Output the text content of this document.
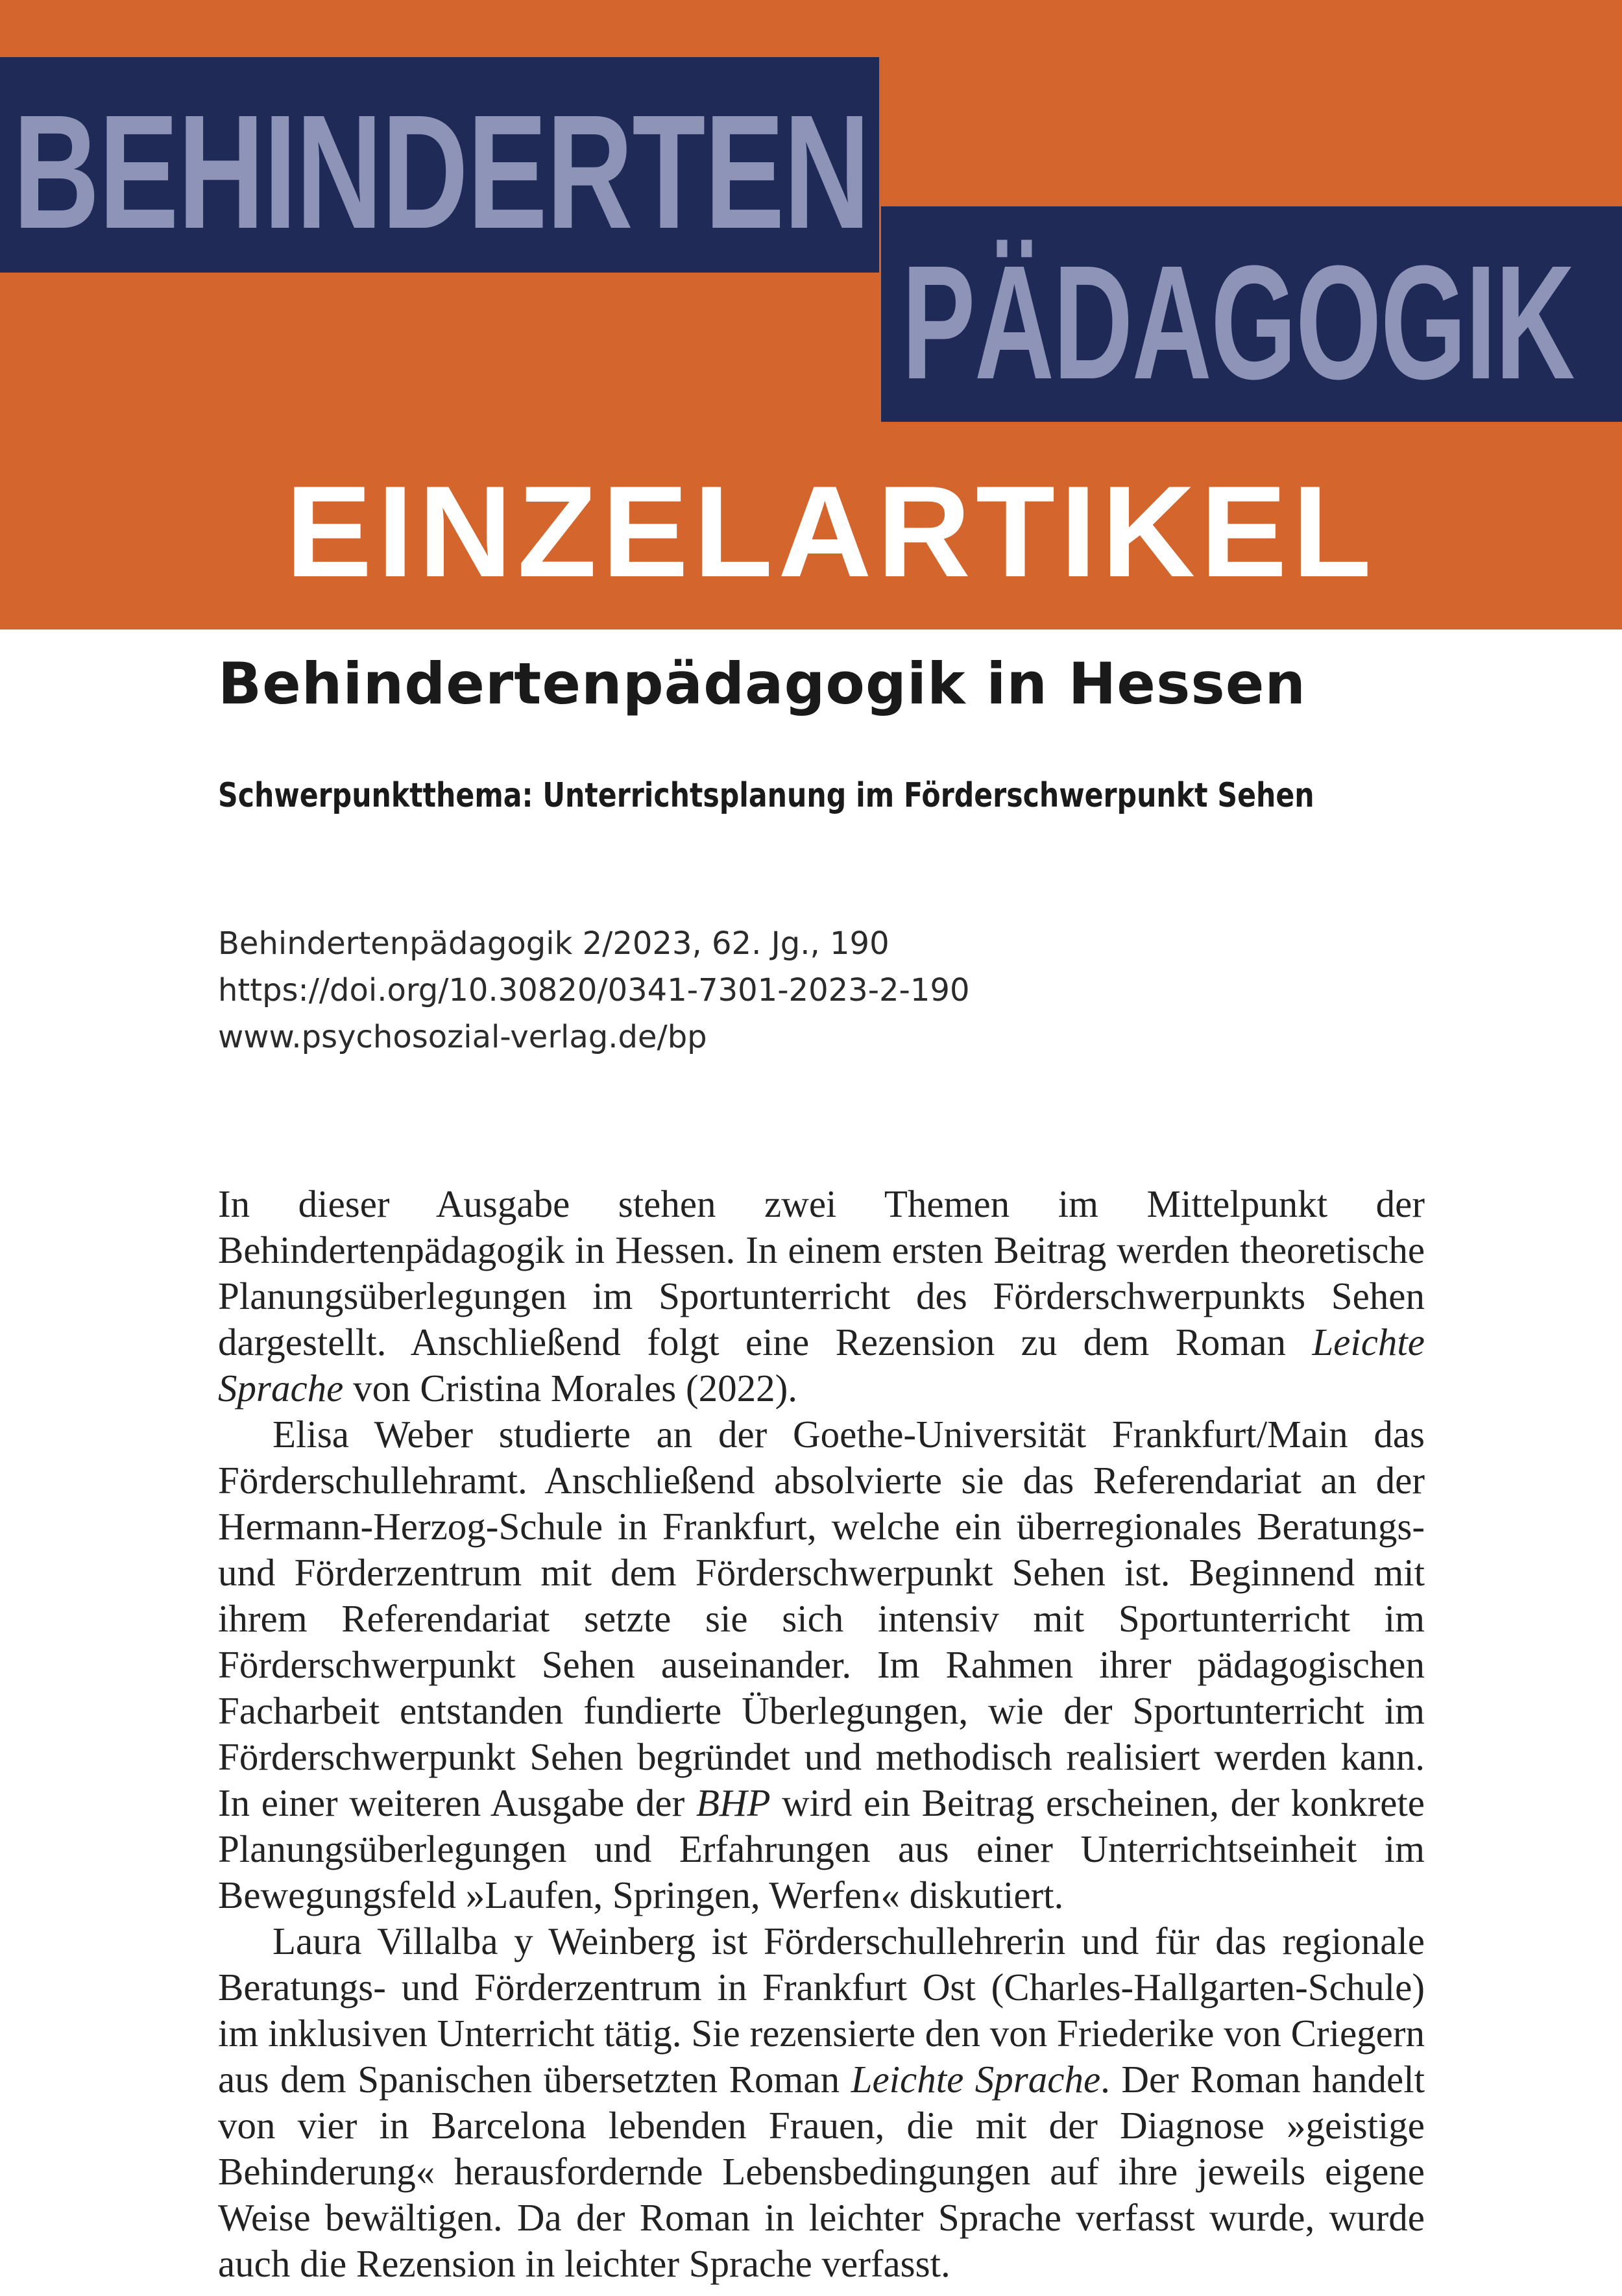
BEHINDERTEN
PÄDAGOGIK
EINZELARTIKEL
Behindertenpädagogik in Hessen
Schwerpunktthema: Unterrichtsplanung im Förderschwerpunkt Sehen
Behindertenpädagogik 2/2023, 62. Jg., 190
https://doi.org/10.30820/0341-7301-2023-2-190
www.psychosozial-verlag.de/bp

In dieser Ausgabe stehen zwei Themen im Mittelpunkt der Behindertenpädagogik in Hessen. In einem ersten Beitrag werden theoretische Planungsüberlegungen im Sportunterricht des Förderschwerpunkts Sehen dargestellt. Anschließend folgt eine Rezension zu dem Roman Leichte Sprache von Cristina Morales (2022).

Elisa Weber studierte an der Goethe-Universität Frankfurt/Main das Förderschullehramt. Anschließend absolvierte sie das Referendariat an der Hermann-Herzog-Schule in Frankfurt, welche ein überregionales Beratungs- und Förderzentrum mit dem Förderschwerpunkt Sehen ist. Beginnend mit ihrem Referendariat setzte sie sich intensiv mit Sportunterricht im Förderschwerpunkt Sehen auseinander. Im Rahmen ihrer pädagogischen Facharbeit entstanden fundierte Überlegungen, wie der Sportunterricht im Förderschwerpunkt Sehen begründet und methodisch realisiert werden kann. In einer weiteren Ausgabe der BHP wird ein Beitrag erscheinen, der konkrete Planungsüberlegungen und Erfahrungen aus einer Unterrichtseinheit im Bewegungsfeld »Laufen, Springen, Werfen« diskutiert.

Laura Villalba y Weinberg ist Förderschullehrerin und für das regionale Beratungs- und Förderzentrum in Frankfurt Ost (Charles-Hallgarten-Schule) im inklusiven Unterricht tätig. Sie rezensierte den von Friederike von Criegern aus dem Spanischen übersetzten Roman Leichte Sprache. Der Roman handelt von vier in Barcelona lebenden Frauen, die mit der Diagnose »geistige Behinderung« herausfordernde Lebensbedingungen auf ihre jeweils eigene Weise bewältigen. Da der Roman in leichter Sprache verfasst wurde, wurde auch die Rezension in leichter Sprache verfasst.
